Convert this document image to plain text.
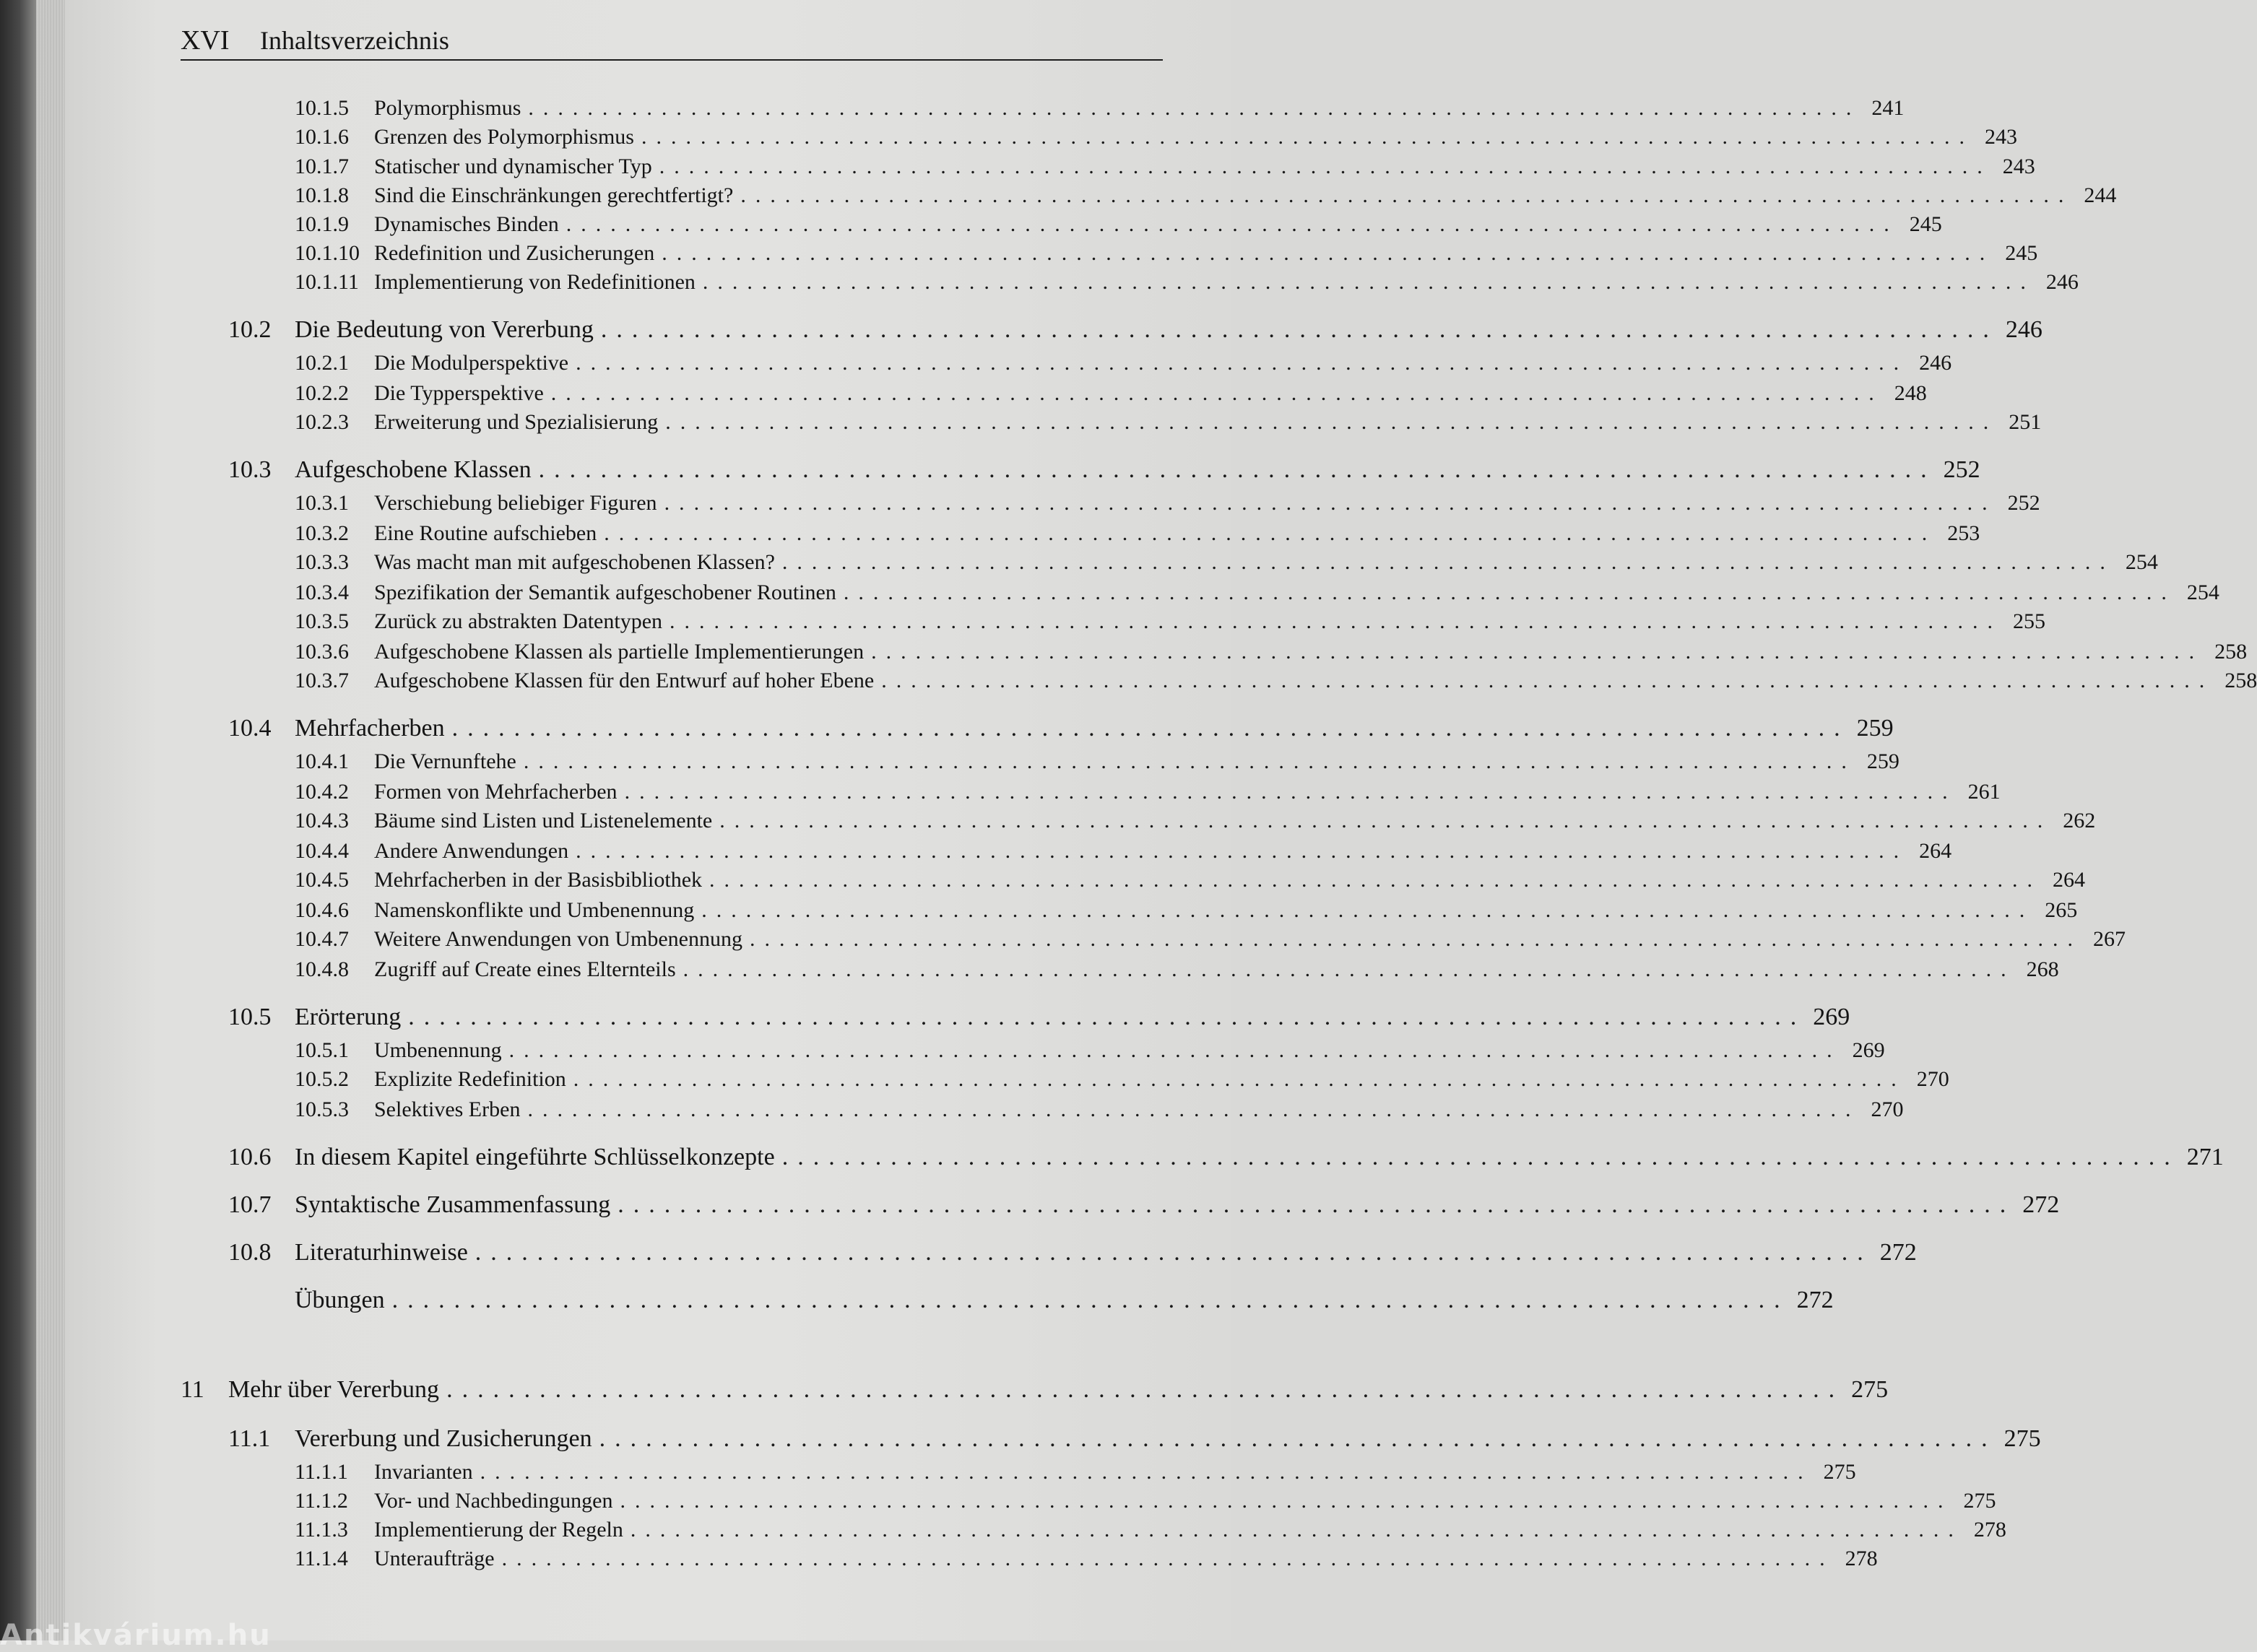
XVI Inhaltsverzeichnis
10.1.5	Polymorphismus .......................................................................................... 241
10.1.6	Grenzen des Polymorphismus .......................................................................................... 243
10.1.7	Statischer und dynamischer Typ .......................................................................................... 243
10.1.8	Sind die Einschränkungen gerechtfertigt? .......................................................................................... 244
10.1.9	Dynamisches Binden .......................................................................................... 245
10.1.10 Redefinition und Zusicherungen .......................................................................................... 245
10.1.11 Implementierung von Redefinitionen .......................................................................................... 246
10.2 Die Bedeutung von Vererbung .......................................................................................... 246
10.2.1	Die Modulperspektive .......................................................................................... 246
10.2.2	Die Typperspektive .......................................................................................... 248
10.2.3	Erweiterung und Spezialisierung .......................................................................................... 251
10.3 Aufgeschobene Klassen .......................................................................................... 252
10.3.1	Verschiebung beliebiger Figuren .......................................................................................... 252
10.3.2	Eine Routine aufschieben .......................................................................................... 253
10.3.3	Was macht man mit aufgeschobenen Klassen? .......................................................................................... 254
10.3.4	Spezifikation der Semantik aufgeschobener Routinen .......................................................................................... 254
10.3.5	Zurück zu abstrakten Datentypen .......................................................................................... 255
10.3.6	Aufgeschobene Klassen als partielle Implementierungen .......................................................................................... 258
10.3.7	Aufgeschobene Klassen für den Entwurf auf hoher Ebene .......................................................................................... 258
10.4 Mehrfacherben .......................................................................................... 259
10.4.1	Die Vernunftehe .......................................................................................... 259
10.4.2	Formen von Mehrfacherben .......................................................................................... 261
10.4.3	Bäume sind Listen und Listenelemente .......................................................................................... 262
10.4.4	Andere Anwendungen .......................................................................................... 264
10.4.5	Mehrfacherben in der Basisbibliothek .......................................................................................... 264
10.4.6	Namenskonflikte und Umbenennung .......................................................................................... 265
10.4.7	Weitere Anwendungen von Umbenennung .......................................................................................... 267
10.4.8	Zugriff auf Create eines Elternteils .......................................................................................... 268
10.5 Erörterung .......................................................................................... 269
10.5.1	Umbenennung .......................................................................................... 269
10.5.2	Explizite Redefinition .......................................................................................... 270
10.5.3	Selektives Erben .......................................................................................... 270
10.6 In diesem Kapitel eingeführte Schlüsselkonzepte .......................................................................................... 271
10.7 Syntaktische Zusammenfassung .......................................................................................... 272
10.8 Literaturhinweise .......................................................................................... 272
Übungen .......................................................................................... 272
11 Mehr über Vererbung .......................................................................................... 275
11.1 Vererbung und Zusicherungen .......................................................................................... 275
11.1.1	Invarianten .......................................................................................... 275
11.1.2	Vor- und Nachbedingungen .......................................................................................... 275
11.1.3	Implementierung der Regeln .......................................................................................... 278
11.1.4	Unteraufträge .......................................................................................... 278
Antikvárium.hu
